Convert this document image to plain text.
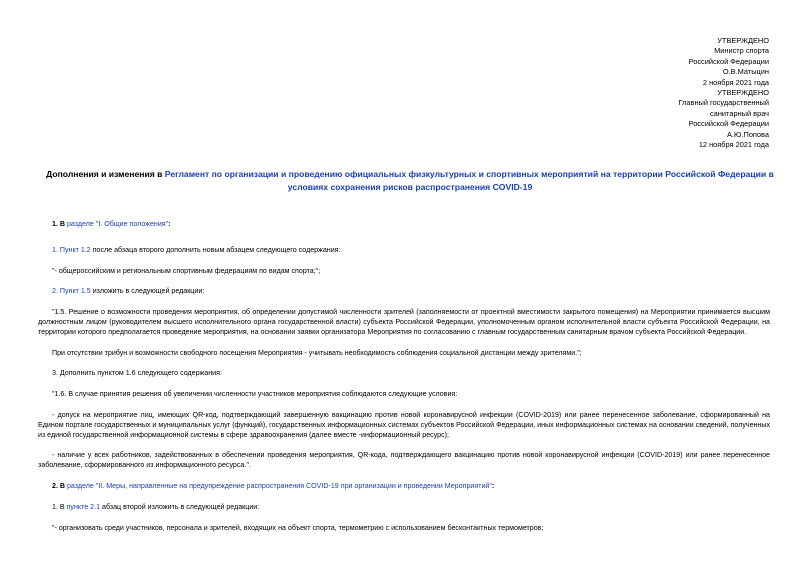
УТВЕРЖДЕНО
Министр спорта
Российской Федерации
О.В.Матыцин
2 ноября 2021 года
УТВЕРЖДЕНО
Главный государственный
санитарный врач
Российской Федерации
А.Ю.Попова
12 ноября 2021 года
Дополнения и изменения в Регламент по организации и проведению официальных физкультурных и спортивных мероприятий на территории Российской Федерации в условиях сохранения рисков распространения COVID-19

1. В разделе "I. Общие положения":

1. Пункт 1.2 после абзаца второго дополнить новым абзацем следующего содержания:

"- общероссийским и региональным спортивным федерациям по видам спорта;";

2. Пункт 1.5 изложить в следующей редакции:

"1.5. Решение о возможности проведения мероприятия, об определении допустимой численности зрителей (заполняемости от проектной вместимости закрытого помещения) на Мероприятии принимается высшим должностным лицом (руководителем высшего исполнительного органа государственной власти) субъекта Российской Федерации, уполномоченным органом исполнительной власти субъекта Российской Федерации, на территории которого предполагается проведение мероприятия, на основании заявки организатора Мероприятия по согласованию с главным государственным санитарным врачом субъекта Российской Федерации.

При отсутствии трибун и возможности свободного посещения Мероприятия - учитывать необходимость соблюдения социальной дистанции между зрителями.";

3. Дополнить пунктом 1.6 следующего содержания:

"1.6. В случае принятия решения об увеличении численности участников мероприятия соблюдаются следующие условия:

- допуск на мероприятие лиц, имеющих QR-код, подтверждающий завершенную вакцинацию против новой коронавирусной инфекции (COVID-2019) или ранее перенесенное заболевание, сформированный на Едином портале государственных и муниципальных услуг (функций), государственных информационных системах субъектов Российской Федерации, иных информационных системах на основании сведений, полученных из единой государственной информационной системы в сфере здравоохранения (далее вместе -информационный ресурс);

- наличие у всех работников, задействованных в обеспечении проведения мероприятия, QR-кода, подтверждающего вакцинацию против новой коронавирусной инфекции (COVID-2019) или ранее перенесенное заболевание, сформированного из информационного ресурса.".

2. В разделе "II. Меры, направленные на предупреждение распространения COVID-19 при организации и проведении Мероприятий":

1. В пункте 2.1 абзац второй изложить в следующей редакции:

"- организовать среди участников, персонала и зрителей, входящих на объект спорта, термометрию с использованием бесконтактных термометров;
